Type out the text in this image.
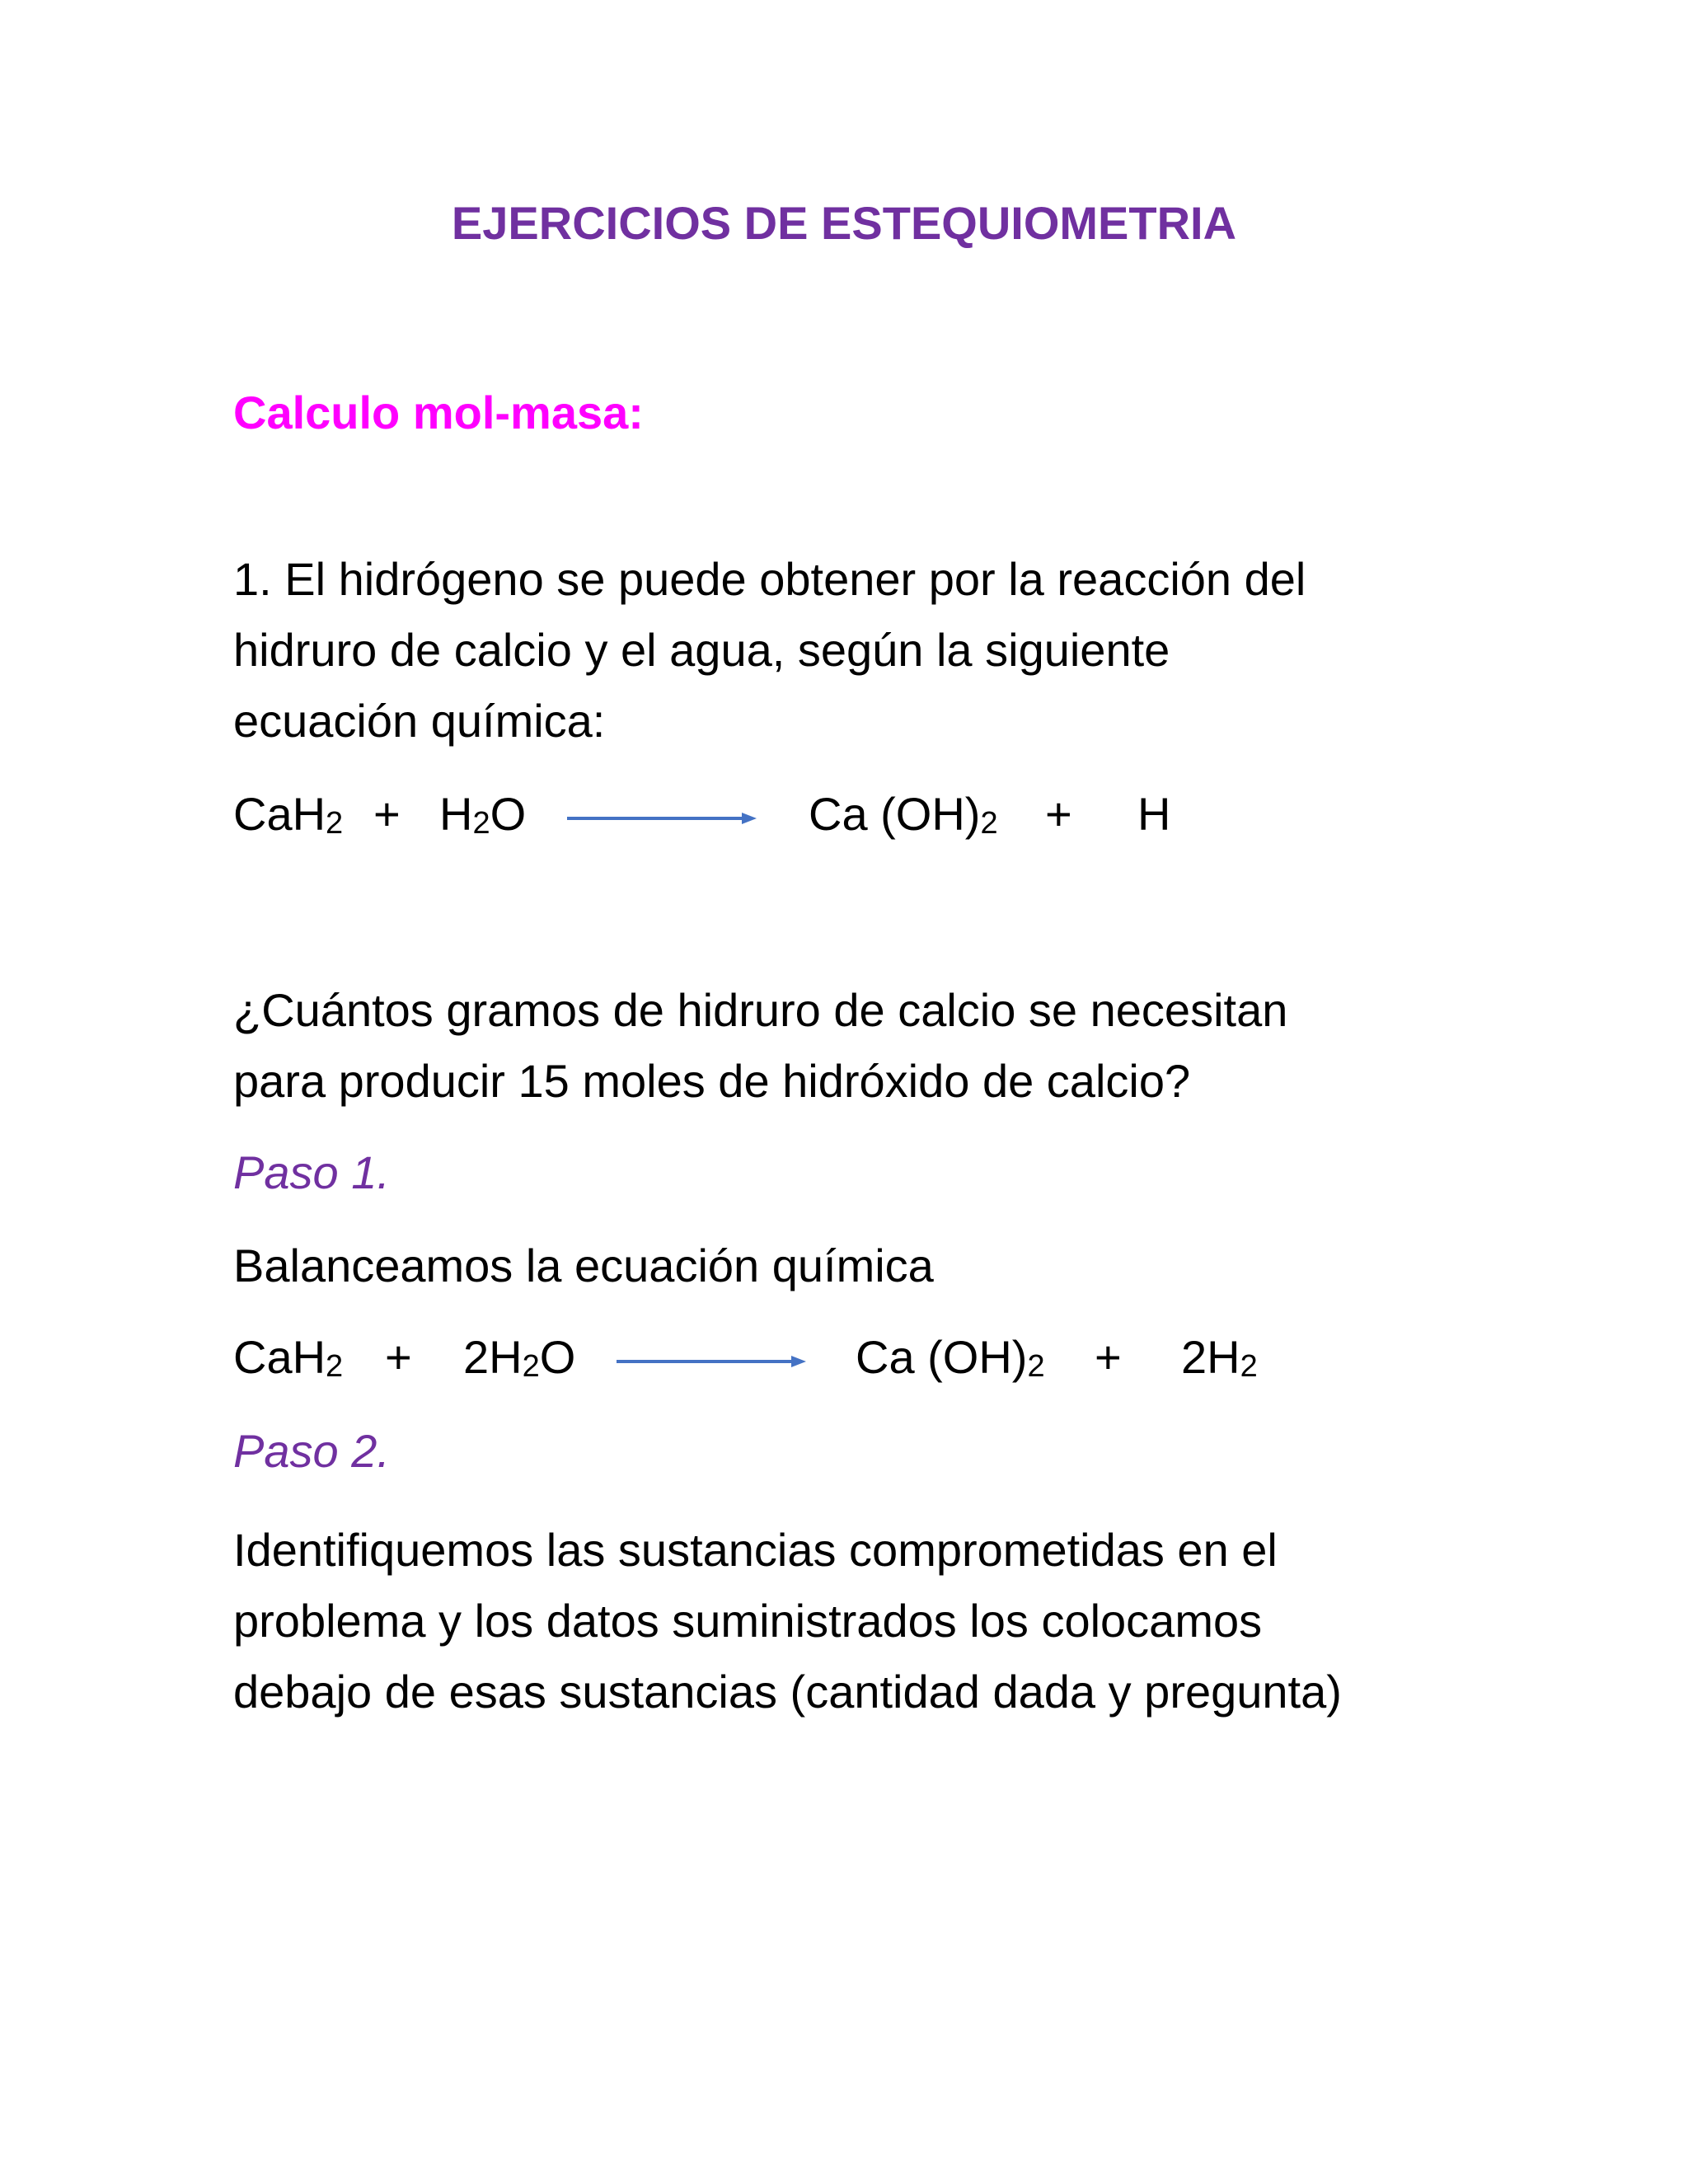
EJERCICIOS DE ESTEQUIOMETRIA
Calculo mol-masa:
1. El hidrógeno se puede obtener por la reacción del
hidruro de calcio y el agua, según la siguiente
ecuación química:
$CaH_2 + H_2O$	Ca $(OH)_2 + H$
¿Cuántos gramos de hidruro de calcio se necesitan
para producir 15 moles de hidróxido de calcio?
Paso 1.
Balanceamos la ecuación química
$CaH_2 + 2H_2O$	Ca $(OH)_2 + 2H_2$
Paso 2.
Identifiquemos las sustancias comprometidas en el
problema y los datos suministrados los colocamos
debajo de esas sustancias (cantidad dada y pregunta)
